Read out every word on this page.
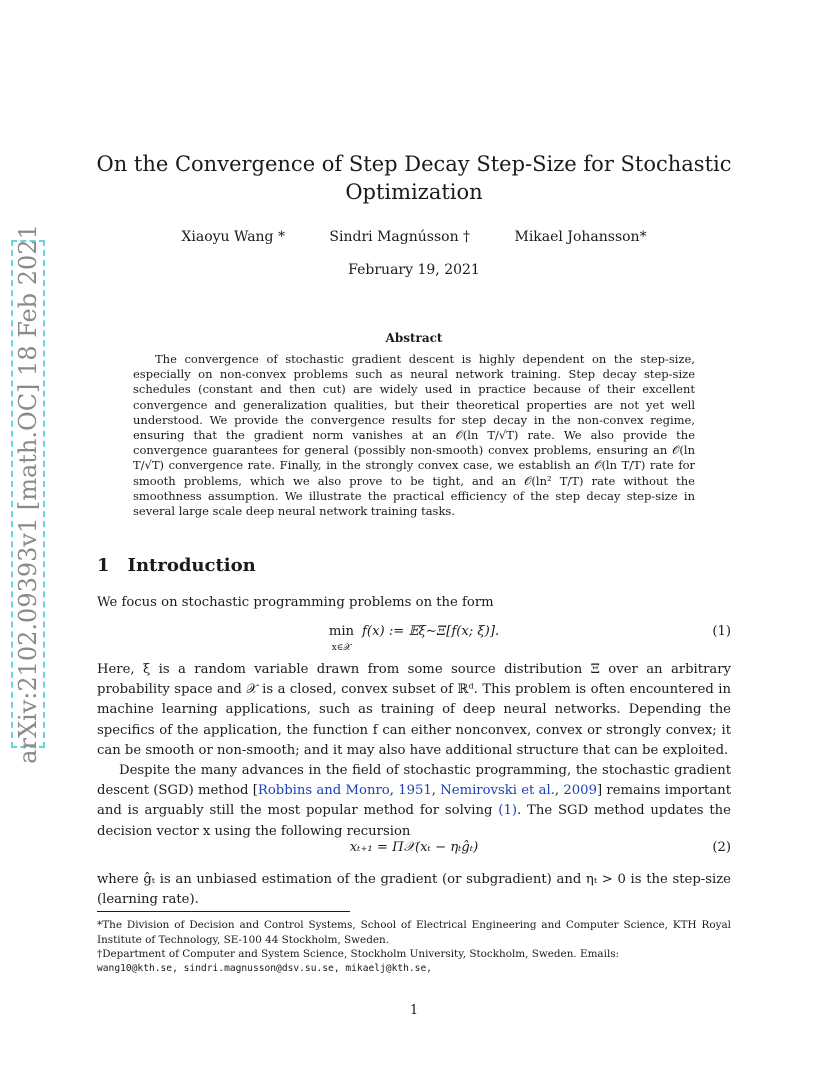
arXiv:2102.09393v1 [math.OC] 18 Feb 2021
On the Convergence of Step Decay Step-Size for Stochastic
Optimization
Xiaoyu Wang *	Sindri Magnússon †	Mikael Johansson*
February 19, 2021
Abstract

The convergence of stochastic gradient descent is highly dependent on the step-size, especially on non-convex problems such as neural network training. Step decay step-size schedules (constant and then cut) are widely used in practice because of their excellent convergence and generalization qualities, but their theoretical properties are not yet well understood. We provide the convergence results for step decay in the non-convex regime, ensuring that the gradient norm vanishes at an 𝒪(ln T/√T) rate. We also provide the convergence guarantees for general (possibly non-smooth) convex problems, ensuring an 𝒪(ln T/√T) convergence rate. Finally, in the strongly convex case, we establish an 𝒪(ln T/T) rate for smooth problems, which we also prove to be tight, and an 𝒪(ln² T/T) rate without the smoothness assumption. We illustrate the practical efficiency of the step decay step-size in several large scale deep neural network training tasks.

1 Introduction

We focus on stochastic programming problems on the form

min
x∈𝒳f(x) := 𝔼ξ∼Ξ[f(x; ξ)].	(1)

Here, ξ is a random variable drawn from some source distribution Ξ over an arbitrary probability space and 𝒳 is a closed, convex subset of ℝᵈ. This problem is often encountered in machine learning applications, such as training of deep neural networks. Depending the specifics of the application, the function f can either nonconvex, convex or strongly convex; it can be smooth or non-smooth; and it may also have additional structure that can be exploited.

Despite the many advances in the field of stochastic programming, the stochastic gradient descent (SGD) method [Robbins and Monro, 1951, Nemirovski et al., 2009] remains important and is arguably still the most popular method for solving (1). The SGD method updates the decision vector x using the following recursion

xₜ₊₁ = Π𝒳(xₜ − ηₜĝₜ)	(2)

where ĝₜ is an unbiased estimation of the gradient (or subgradient) and ηₜ > 0 is the step-size (learning rate).

*The Division of Decision and Control Systems, School of Electrical Engineering and Computer Science, KTH Royal Institute of Technology, SE-100 44 Stockholm, Sweden.

†Department of Computer and System Science, Stockholm University, Stockholm, Sweden. Emails:

wang10@kth.se, sindri.magnusson@dsv.su.se, mikaelj@kth.se,

1
